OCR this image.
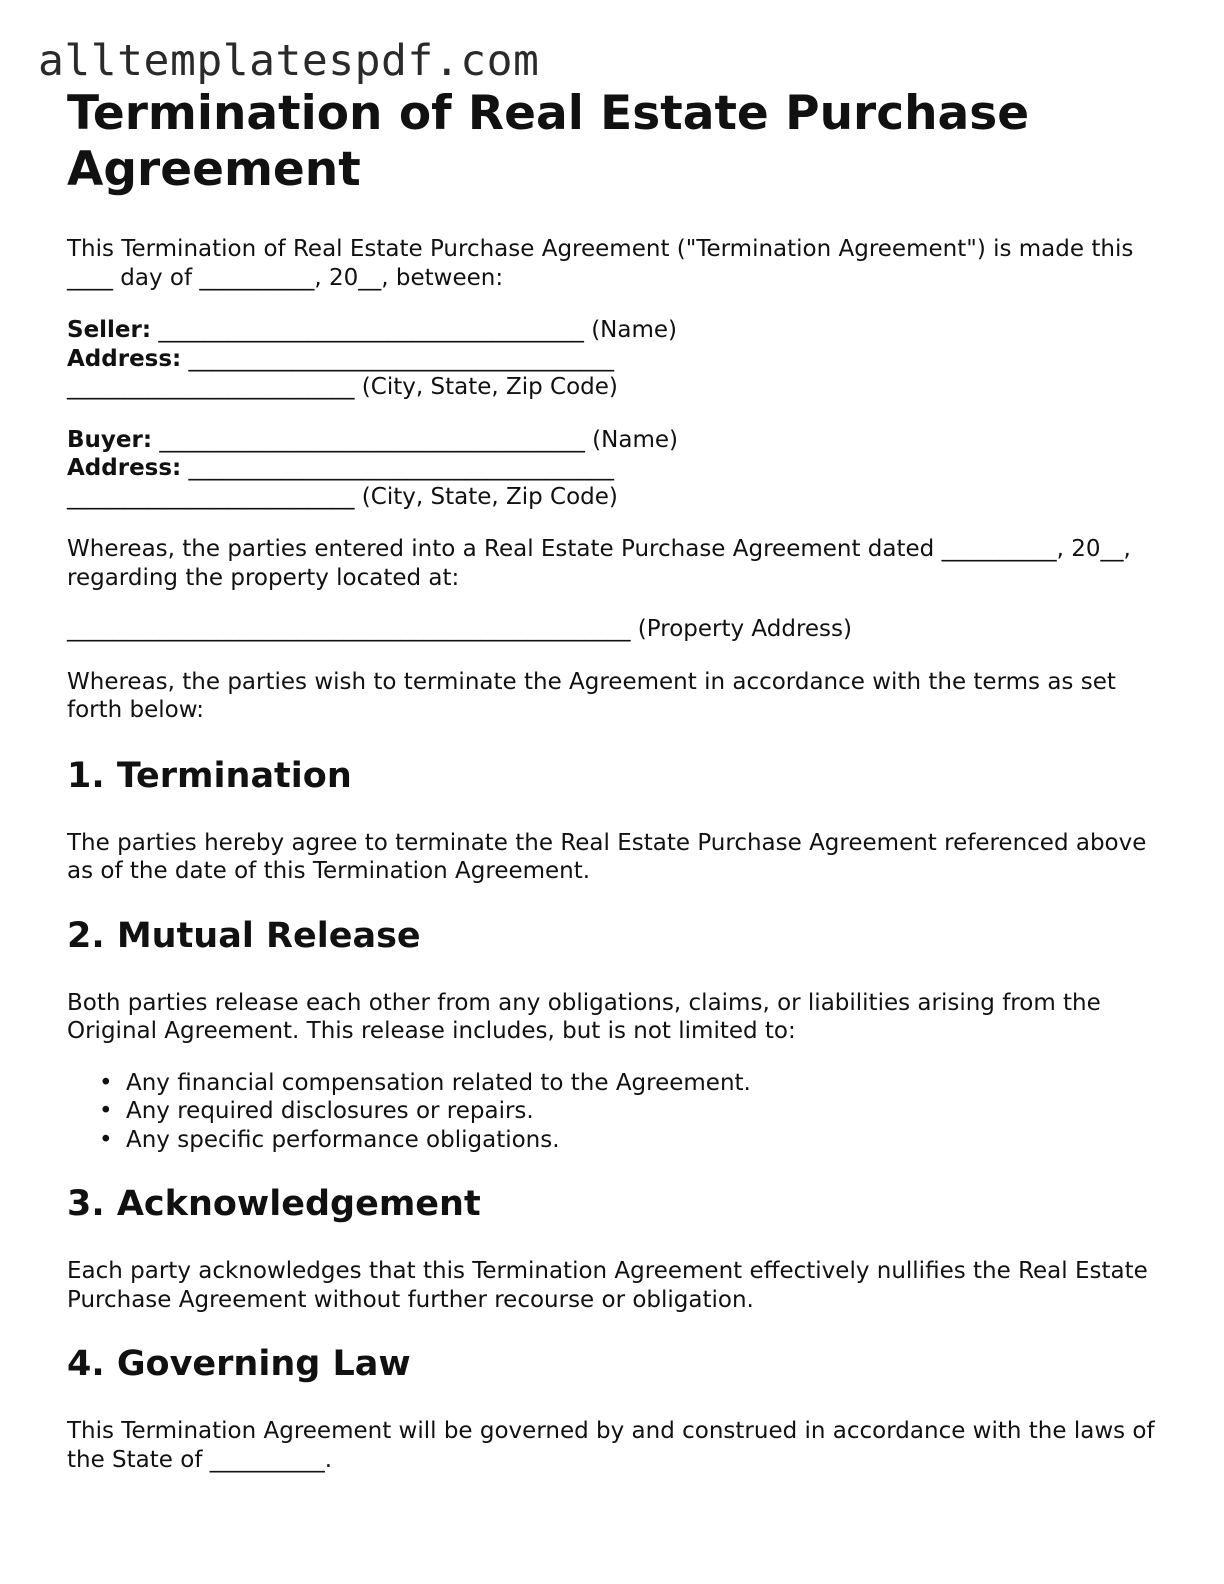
alltemplatespdf.com
Termination of Real Estate Purchase Agreement

This Termination of Real Estate Purchase Agreement ("Termination Agreement") is made this ____ day of __________, 20__, between:

Seller: _____________________________________ (Name)
Address: _____________________________________
_________________________ (City, State, Zip Code)
Buyer: _____________________________________ (Name)
Address: _____________________________________
_________________________ (City, State, Zip Code)

Whereas, the parties entered into a Real Estate Purchase Agreement dated __________, 20__, regarding the property located at:

_________________________________________________ (Property Address)

Whereas, the parties wish to terminate the Agreement in accordance with the terms as set forth below:

1. Termination

The parties hereby agree to terminate the Real Estate Purchase Agreement referenced above as of the date of this Termination Agreement.

2. Mutual Release

Both parties release each other from any obligations, claims, or liabilities arising from the Original Agreement. This release includes, but is not limited to:

• Any financial compensation related to the Agreement.
• Any required disclosures or repairs.
• Any specific performance obligations.
3. Acknowledgement

Each party acknowledges that this Termination Agreement effectively nullifies the Real Estate Purchase Agreement without further recourse or obligation.

4. Governing Law

This Termination Agreement will be governed by and construed in accordance with the laws of the State of __________.
